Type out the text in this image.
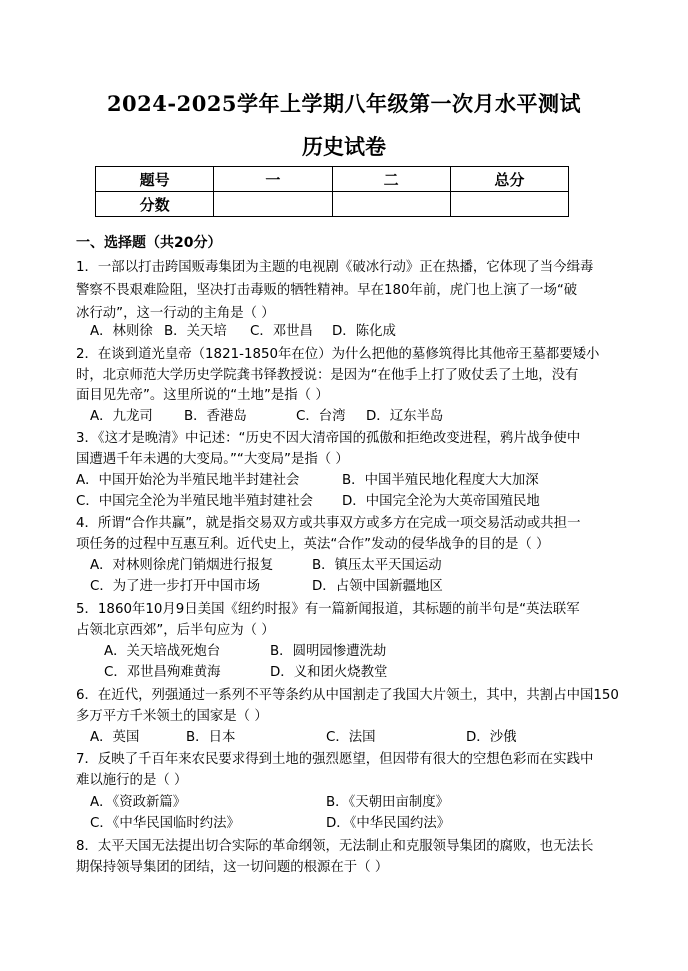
2024-2025学年上学期八年级第一次月水平测试
历史试卷
题号	一	二	总分
分数			
一、选择题（共20分）
1．一部以打击跨国贩毒集团为主题的电视剧《破冰行动》正在热播，它体现了当今缉毒
警察不畏艰难险阻，坚决打击毒贩的牺牲精神。早在180年前，虎门也上演了一场“破
冰行动”，这一行动的主角是（ ）
A．林则徐 B．关天培 C．邓世昌 D．陈化成
2．在谈到道光皇帝（1821-1850年在位）为什么把他的墓修筑得比其他帝王墓都要矮小
时，北京师范大学历史学院龚书铎教授说：是因为“在他手上打了败仗丢了土地，没有
面目见先帝”。这里所说的“土地”是指（ ）
A．九龙司 B．香港岛	C．台湾 D．辽东半岛
3．《这才是晚清》中记述：“历史不因大清帝国的孤傲和拒绝改变进程，鸦片战争使中
国遭遇千年未遇的大变局。”“大变局”是指（ ）
A．中国开始沦为半殖民地半封建社会	B．中国半殖民地化程度大大加深
C．中国完全沦为半殖民地半殖封建社会 D．中国完全沦为大英帝国殖民地
4．所谓“合作共赢”，就是指交易双方或共事双方或多方在完成一项交易活动或共担一
项任务的过程中互惠互利。近代史上，英法“合作”发动的侵华战争的目的是（ ）
A．对林则徐虎门销烟进行报复	B．镇压太平天国运动
C．为了进一步打开中国市场	D．占领中国新疆地区
5．1860年10月9日美国《纽约时报》有一篇新闻报道，其标题的前半句是“英法联军
占领北京西郊”，后半句应为（ ）
A．关天培战死炮台	B．圆明园惨遭洗劫
C．邓世昌殉难黄海	D．义和团火烧教堂
6．在近代，列强通过一系列不平等条约从中国割走了我国大片领土，其中，共割占中国150
多万平方千米领土的国家是（ ）
A．英国	B．日本	C．法国	D．沙俄
7．反映了千百年来农民要求得到土地的强烈愿望，但因带有很大的空想色彩而在实践中
难以施行的是（ ）
A．《资政新篇》	B．《天朝田亩制度》
C．《中华民国临时约法》	D．《中华民国约法》
8．太平天国无法提出切合实际的革命纲领，无法制止和克服领导集团的腐败，也无法长
期保持领导集团的团结，这一切问题的根源在于（ ）
